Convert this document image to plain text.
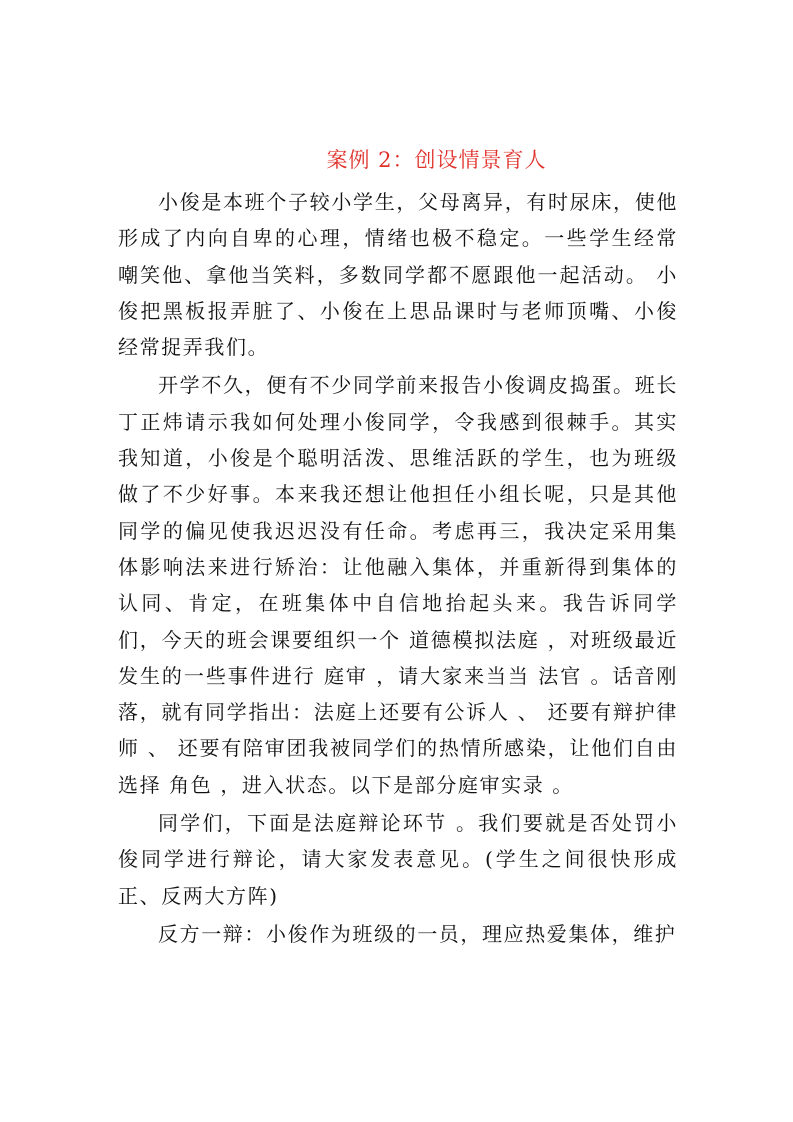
案例 2：创设情景育人

小俊是本班个子较小学生，父母离异，有时尿床，使他形成了内向自卑的心理，情绪也极不稳定。一些学生经常嘲笑他、拿他当笑料，多数同学都不愿跟他一起活动。 小俊把黑板报弄脏了、小俊在上思品课时与老师顶嘴、小俊经常捉弄我们。

开学不久，便有不少同学前来报告小俊调皮捣蛋。班长丁正炜请示我如何处理小俊同学，令我感到很棘手。其实我知道，小俊是个聪明活泼、思维活跃的学生，也为班级做了不少好事。本来我还想让他担任小组长呢，只是其他同学的偏见使我迟迟没有任命。考虑再三，我决定采用集体影响法来进行矫治：让他融入集体，并重新得到集体的认同、肯定，在班集体中自信地抬起头来。我告诉同学们，今天的班会课要组织一个 道德模拟法庭 ，对班级最近发生的一些事件进行 庭审 ，请大家来当当 法官 。话音刚落，就有同学指出：法庭上还要有公诉人 、 还要有辩护律师 、 还要有陪审团我被同学们的热情所感染，让他们自由选择 角色 ，进入状态。以下是部分庭审实录 。

同学们，下面是法庭辩论环节 。我们要就是否处罚小俊同学进行辩论，请大家发表意见。(学生之间很快形成正、反两大方阵)

反方一辩：小俊作为班级的一员，理应热爱集体，维护
